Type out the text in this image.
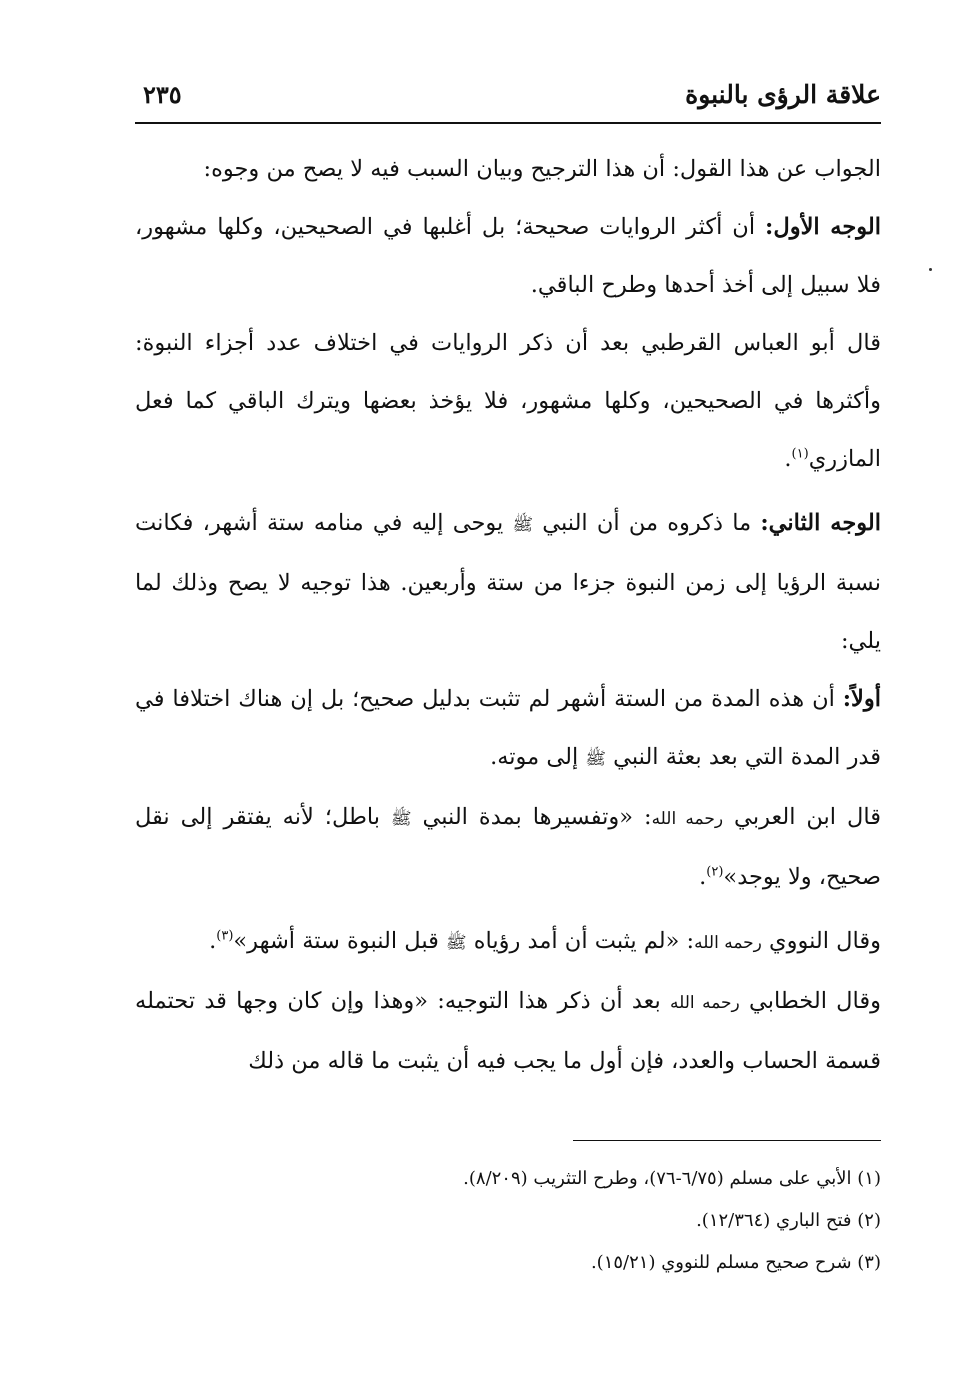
علاقة الرؤى بالنبوة
٢٣٥

الجواب عن هذا القول: أن هذا الترجيح وبيان السبب فيه لا يصح من وجوه:

الوجه الأول: أن أكثر الروايات صحيحة؛ بل أغلبها في الصحيحين، وكلها مشهور، فلا سبيل إلى أخذ أحدها وطرح الباقي.

قال أبو العباس القرطبي بعد أن ذكر الروايات في اختلاف عدد أجزاء النبوة: وأكثرها في الصحيحين، وكلها مشهور، فلا يؤخذ بعضها ويترك الباقي كما فعل المازري$^{(١)}$.

الوجه الثاني: ما ذكروه من أن النبي ﷺ يوحى إليه في منامه ستة أشهر، فكانت نسبة الرؤيا إلى زمن النبوة جزءا من ستة وأربعين. هذا توجيه لا يصح وذلك لما يلي:

أولاً: أن هذه المدة من الستة أشهر لم تثبت بدليل صحيح؛ بل إن هناك اختلافا في قدر المدة التي بعد بعثة النبي ﷺ إلى موته.

قال ابن العربي رحمه الله: «وتفسيرها بمدة النبي ﷺ باطل؛ لأنه يفتقر إلى نقل صحيح، ولا يوجد»$^{(٢)}$.

وقال النووي رحمه الله: «لم يثبت أن أمد رؤياه ﷺ قبل النبوة ستة أشهر»$^{(٣)}$.

وقال الخطابي رحمه الله بعد أن ذكر هذا التوجيه: «وهذا وإن كان وجها قد تحتمله قسمة الحساب والعدد، فإن أول ما يجب فيه أن يثبت ما قاله من ذلك

(١) الأبي على مسلم (٦/٧٥-٧٦)، وطرح التثريب (٨/٢٠٩).
(٢) فتح الباري (١٢/٣٦٤).
(٣) شرح صحيح مسلم للنووي (١٥/٢١).
